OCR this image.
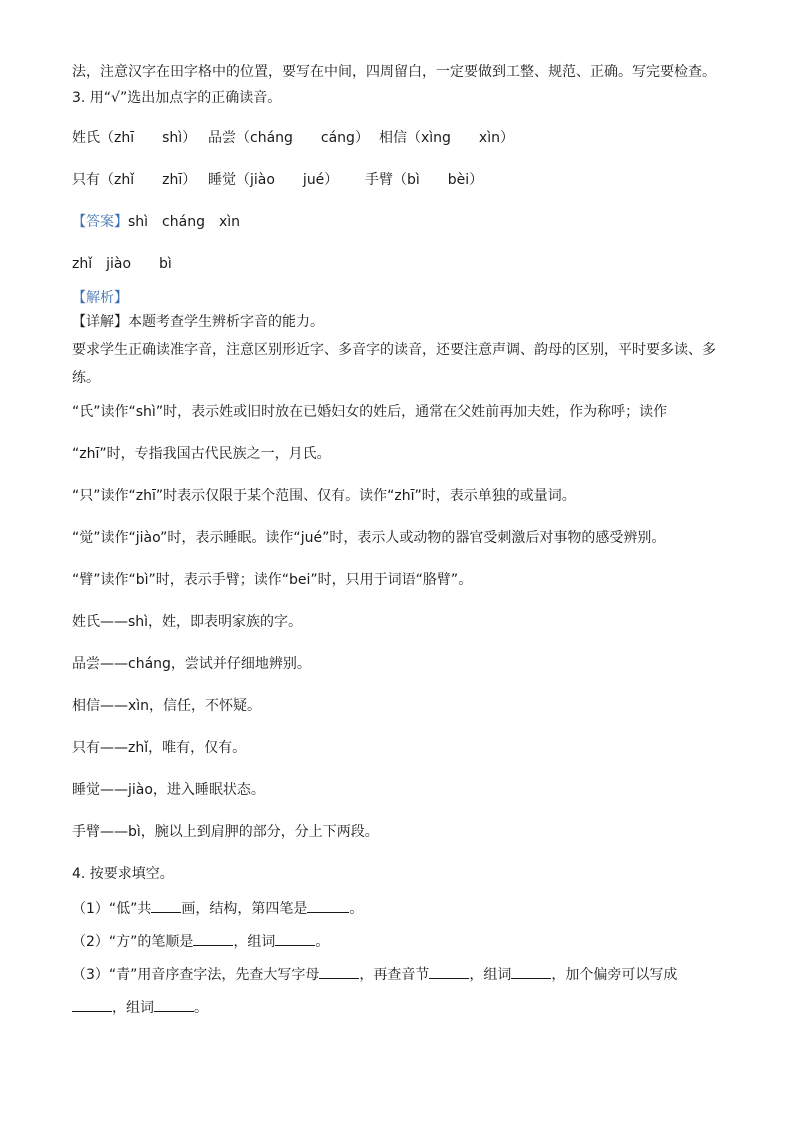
法，注意汉字在田字格中的位置，要写在中间，四周留白，一定要做到工整、规范、正确。写完要检查。
3. 用“√”选出加点字的正确读音。
姓氏（zhī　　shì） 品尝（cháng　　cáng） 相信（xìng　　xìn）
只有（zhǐ　　zhī） 睡觉（jiào　　jué） 手臂（bì　　bèi）
【答案】shì　cháng　xìn
zhǐ　jiào　　bì
【解析】
【详解】本题考查学生辨析字音的能力。
要求学生正确读准字音，注意区别形近字、多音字的读音，还要注意声调、韵母的区别，平时要多读、多
练。
“氏”读作“shì”时，表示姓或旧时放在已婚妇女的姓后，通常在父姓前再加夫姓，作为称呼；读作
“zhī”时，专指我国古代民族之一，月氏。
“只”读作“zhī”时表示仅限于某个范围、仅有。读作“zhī”时，表示单独的或量词。
“觉”读作“jiào”时，表示睡眠。读作“jué”时，表示人或动物的器官受刺激后对事物的感受辨别。
“臂”读作“bì”时，表示手臂；读作“bei”时，只用于词语“胳臂”。
姓氏——shì，姓，即表明家族的字。
品尝——cháng，尝试并仔细地辨别。
相信——xìn，信任，不怀疑。
只有——zhǐ，唯有，仅有。
睡觉——jiào，进入睡眠状态。
手臂——bì，腕以上到肩胛的部分，分上下两段。
4. 按要求填空。
（1）“低”共 画，结构，第四笔是	。
（2）“方”的笔顺是	，组词	。
（3）“青”用音序查字法，先查大写字母	，再查音节	，组词	，加个偏旁可以写成
，组词	。
